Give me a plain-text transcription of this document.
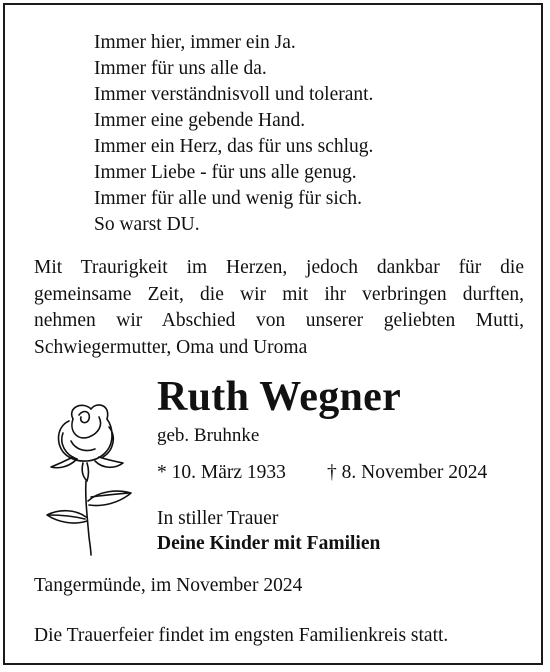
Immer hier, immer ein Ja.
Immer für uns alle da.
Immer verständnisvoll und tolerant.
Immer eine gebende Hand.
Immer ein Herz, das für uns schlug.
Immer Liebe - für uns alle genug.
Immer für alle und wenig für sich.
So warst DU.
Mit Traurigkeit im Herzen, jedoch dankbar für die
gemeinsame Zeit, die wir mit ihr verbringen durften,
nehmen wir Abschied von unserer geliebten Mutti,
Schwiegermutter, Oma und Uroma
Ruth Wegner
geb. Bruhnke
* 10. März 1933 † 8. November 2024
In stiller Trauer
Deine Kinder mit Familien
Tangermünde, im November 2024
Die Trauerfeier findet im engsten Familienkreis statt.
